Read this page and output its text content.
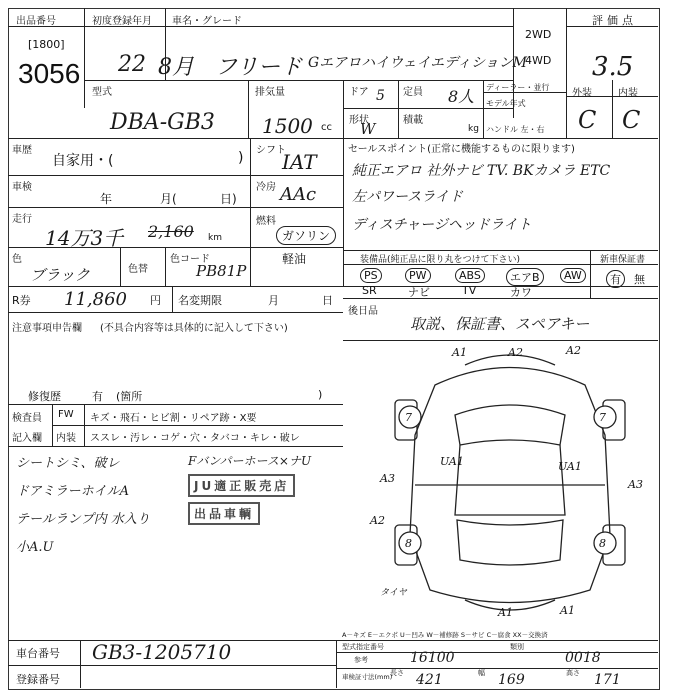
出品番号
[1800]
3056
初度登録年月
22 8月
車名・グレード
フリード GエアロハイウェイエディションM
2WD
4WD
評価点
3.5
型式
DBA-GB3
排気量
1500 cc
ドア 5 定員 8人
形状
W	積載
kg
ディーラー・並行
モデル年式
ハンドル 左・右
外装	内装
C C
車歴
自家用・(	)
車検
年	月(	日)
走行
14万3千 2,160 km
色
ブラック	色替
色コード
PB81P
シフト
IAT
冷房 AAc
燃料
ガソリン
軽油
セールスポイント(正常に機能するものに限ります)
純正エアロ 社外ナビ TV. BKカメラ ETC
左パワースライド
ディスチャージヘッドライト
装備品(純正品に限り丸をつけて下さい)	新車保証書
PS	PW	ABS	エアB	AW
SR	ナビ	TV	カワ
有	無
R券 11,860 円 名変期限	月	日
後日品
取説、保証書、スペアキー
注意事項申告欄 (不具合内容等は具体的に記入して下さい)
修復歴	有 (箇所	)
検査員
記入欄
FW キズ・飛石・ヒビ割・リペア跡・X要
内装 ススレ・汚レ・コゲ・穴・タバコ・キレ・破レ
シートシミ、破レ
ドアミラーホイルA
テールランプ内 水入り
小A.U
Fバンパーホース×ナU
JU適正販売店
出品車輌
A1	A2	A2
7
A3
A2
8
7
A3
8
UA1	UA1
A1	A1
タイヤ
A－キズ E－エクボ U－凹み W－補修跡 S－サビ C－腐食 XX－交換済
車台番号 GB3-1205710
登録番号
型式指定番号
参考	16100
類別
0018
車検証寸法(mm)
長さ 421	幅 169	高さ 171
